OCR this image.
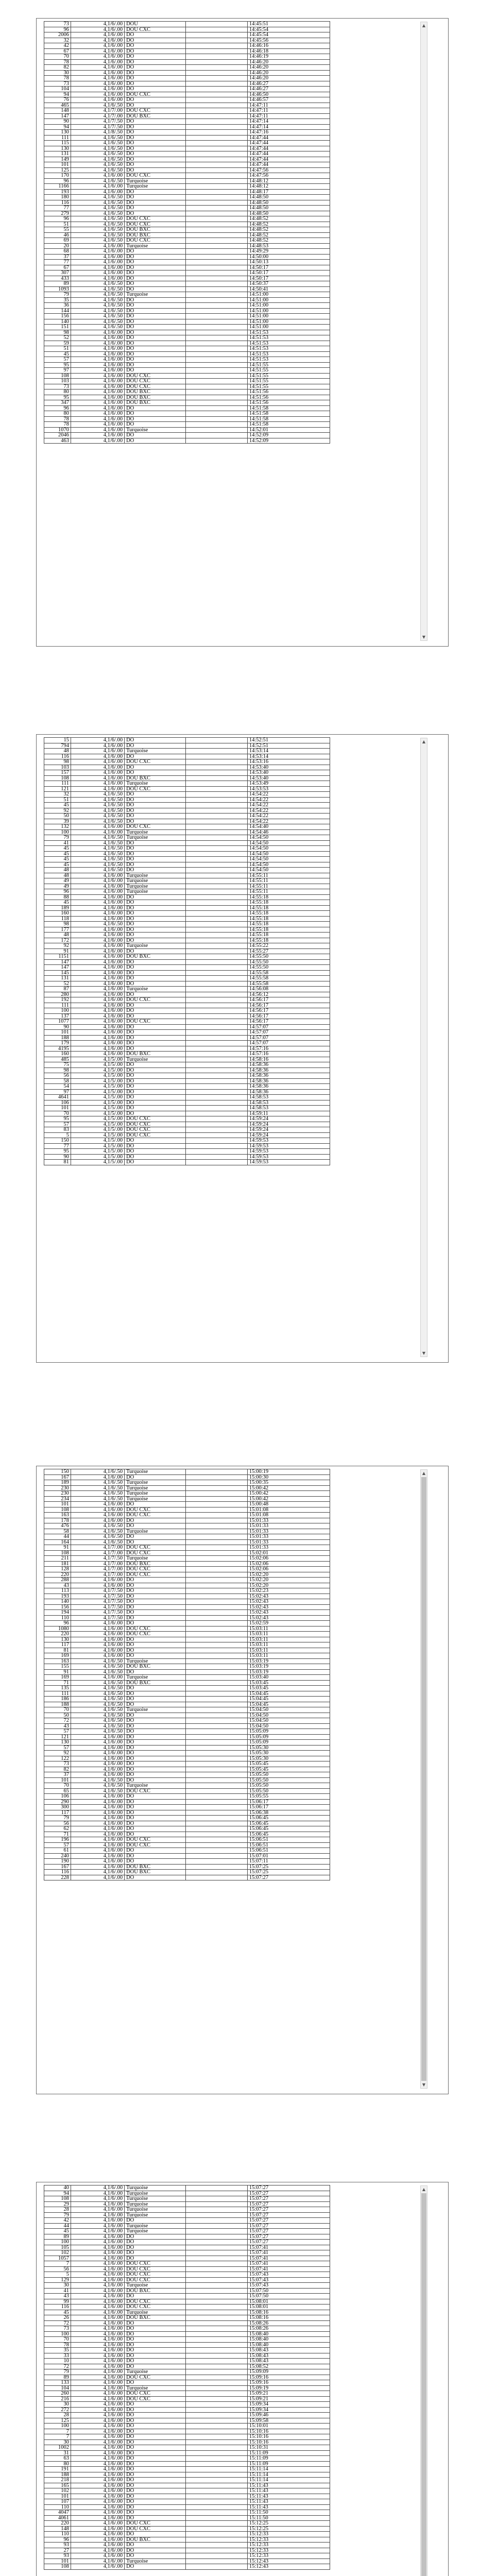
73	4,1/6/.00	DOU		14:45:51
96	4,1/6/.00	DOU CXC		14:45:54
2006	4,1/6/.00	DO		14:45:54
32	4,1/6/.00	DO		14:45:56
42	4,1/6/.00	DO		14:46:16
67	4,1/6/.00	DO		14:46:18
70	4,1/6/.00	DO		14:46:19
78	4,1/6/.00	DO		14:46:20
82	4,1/6/.00	DO		14:46:20
30	4,1/6/.00	DO		14:46:20
78	4,1/6/.00	DO		14:46:20
73	4,1/6/.00	DO		14:46:27
104	4,1/6/.00	DO		14:46:27
94	4,1/6/.00	DOU CXC		14:46:50
76	4,1/6/.00	DO		14:46:57
465	4,1/6/.50	DO		14:47:11
148	4,1/7/.00	DOU CXC		14:47:11
147	4,1/7/.00	DOU BXC		14:47:11
90	4,1/7/.50	DO		14:47:14
94	4,1/7/.50	DO		14:47:14
130	4,1/8/.50	DO		14:47:16
111	4,1/6/.50	DO		14:47:44
115	4,1/6/.50	DO		14:47:44
130	4,1/6/.50	DO		14:47:44
131	4,1/6/.50	DO		14:47:44
149	4,1/6/.50	DO		14:47:44
101	4,1/6/.50	DO		14:47:44
125	4,1/6/.50	DO		14:47:56
170	4,1/6/.00	DOU CXC		14:47:56
96	4,1/6/.50	Turquoise		14:48:12
1166	4,1/6/.00	Turquoise		14:48:12
193	4,1/6/.00	DO		14:48:17
180	4,1/6/.50	DO		14:48:50
116	4,1/6/.50	DO		14:48:50
77	4,1/6/.50	DO		14:48:50
279	4,1/6/.50	DO		14:48:50
96	4,1/6/.50	DOU CXC		14:48:52
51	4,1/6/.50	DOU CXC		14:48:52
55	4,1/6/.50	DOU BXC		14:48:52
46	4,1/6/.50	DOU BXC		14:48:52
69	4,1/6/.50	DOU CXC		14:48:52
20	4,1/6/.00	Turquoise		14:48:53
68	4,1/6/.00	DO		14:49:29
37	4,1/6/.00	DO		14:50:00
77	4,1/6/.00	DO		14:50:13
67	4,1/6/.00	DO		14:50:17
307	4,1/6/.00	DO		14:50:17
433	4,1/6/.00	DO		14:50:17
89	4,1/6/.50	DO		14:50:37
1093	4,1/6/.50	DO		14:50:41
79	4,1/6/.50	Turquoise		14:51:00
35	4,1/6/.50	DO		14:51:00
36	4,1/6/.50	DO		14:51:00
144	4,1/6/.50	DO		14:51:00
156	4,1/6/.50	DO		14:51:00
140	4,1/6/.50	DO		14:51:00
151	4,1/6/.50	DO		14:51:00
98	4,1/6/.00	DO		14:51:53
52	4,1/6/.00	DO		14:51:53
59	4,1/6/.00	DO		14:51:53
51	4,1/6/.00	DO		14:51:53
45	4,1/6/.00	DO		14:51:53
57	4,1/6/.00	DO		14:51:53
95	4,1/6/.00	DO		14:51:55
97	4,1/6/.00	DO		14:51:55
108	4,1/6/.00	DOU CXC		14:51:55
103	4,1/6/.00	DOU CXC		14:51:55
73	4,1/6/.00	DOU CXC		14:51:55
80	4,1/6/.00	DOU BXC		14:51:56
95	4,1/6/.00	DOU BXC		14:51:56
347	4,1/6/.00	DOU BXC		14:51:56
96	4,1/6/.00	DO		14:51:58
80	4,1/6/.00	DO		14:51:58
78	4,1/6/.00	DO		14:51:58
78	4,1/6/.00	DO		14:51:58
1070	4,1/6/.00	Turquoise		14:52:01
2046	4,1/6/.00	DO		14:52:09
463	4,1/6/.00	DO		14:52:09
▲
▼
15	4,1/6/.00	DO		14:52:51
794	4,1/6/.00	DO		14:52:51
48	4,1/6/.00	Turquoise		14:53:14
116	4,1/6/.00	DO		14:53:14
98	4,1/6/.00	DOU CXC		14:53:16
103	4,1/6/.00	DO		14:53:40
157	4,1/6/.00	DO		14:53:40
108	4,1/6/.00	DOU BXC		14:53:40
111	4,1/6/.00	Turquoise		14:53:49
121	4,1/6/.00	DOU CXC		14:53:53
32	4,1/6/.50	DO		14:54:22
51	4,1/6/.50	DO		14:54:22
45	4,1/6/.50	DO		14:54:22
92	4,1/6/.50	DO		14:54:22
50	4,1/6/.50	DO		14:54:22
39	4,1/6/.50	DO		14:54:22
132	4,1/6/.00	DOU CXC		14:54:40
100	4,1/6/.00	Turquoise		14:54:46
79	4,1/6/.50	Turquoise		14:54:50
41	4,1/6/.50	DO		14:54:50
45	4,1/6/.50	DO		14:54:50
45	4,1/6/.50	DO		14:54:50
45	4,1/6/.50	DO		14:54:50
45	4,1/6/.50	DO		14:54:50
48	4,1/6/.50	DO		14:54:50
48	4,1/6/.00	Turquoise		14:55:11
49	4,1/6/.00	Turquoise		14:55:11
49	4,1/6/.00	Turquoise		14:55:11
96	4,1/6/.00	Turquoise		14:55:11
88	4,1/6/.00	DO		14:55:18
45	4,1/6/.00	DO		14:55:18
189	4,1/6/.00	DO		14:55:18
160	4,1/6/.00	DO		14:55:18
118	4,1/6/.00	DO		14:55:18
98	4,1/6/.50	DO		14:55:18
177	4,1/6/.00	DO		14:55:18
48	4,1/6/.00	DO		14:55:18
172	4,1/6/.00	DO		14:55:18
92	4,1/6/.00	Turquoise		14:55:22
91	4,1/6/.00	DO		14:55:27
1151	4,1/6/.00	DOU BXC		14:55:50
147	4,1/6/.00	DO		14:55:50
147	4,1/6/.00	DO		14:55:50
145	4,1/6/.00	DO		14:55:58
131	4,1/6/.00	DO		14:55:58
52	4,1/6/.00	DO		14:55:58
87	4,1/6/.00	Turquoise		14:56:08
280	4,1/6/.00	DO		14:56:12
192	4,1/6/.00	DOU CXC		14:56:17
111	4,1/6/.00	DO		14:56:17
100	4,1/6/.00	DO		14:56:17
137	4,1/6/.00	DO		14:56:17
1077	4,1/6/.00	DOU CXC		14:56:17
90	4,1/6/.00	DO		14:57:07
101	4,1/6/.00	DO		14:57:07
188	4,1/6/.00	DO		14:57:07
179	4,1/6/.00	DO		14:57:07
4195	4,1/6/.00	DO		14:57:16
160	4,1/6/.00	DOU BXC		14:57:16
485	4,1/5/.00	Turquoise		14:58:16
75	4,1/5/.00	DO		14:58:36
98	4,1/5/.00	DO		14:58:36
56	4,1/5/.00	DO		14:58:36
58	4,1/5/.00	DO		14:58:36
54	4,1/5/.00	DO		14:58:36
97	4,1/5/.00	DO		14:58:36
4641	4,1/5/.00	DO		14:58:53
106	4,1/5/.00	DO		14:58:53
101	4,1/5/.00	DO		14:58:53
70	4,1/5/.00	DO		14:59:11
95	4,1/5/.00	DOU CXC		14:59:24
57	4,1/5/.00	DOU CXC		14:59:24
83	4,1/5/.00	DOU CXC		14:59:24
5	4,1/5/.00	DOU CXC		14:59:24
150	4,1/5/.00	DO		14:59:53
77	4,1/5/.00	DO		14:59:53
95	4,1/5/.00	DO		14:59:53
90	4,1/5/.00	DO		14:59:53
81	4,1/5/.00	DO		14:59:53
▲
▼
150	4,1/6/.50	Turquoise		15:00:19
167	4,1/6/.00	DO		15:00:30
189	4,1/6/.50	Turquoise		15:00:35
230	4,1/6/.50	Turquoise		15:00:42
230	4,1/6/.50	Turquoise		15:00:42
234	4,1/6/.50	Turquoise		15:00:42
101	4,1/6/.00	DO		15:00:48
108	4,1/6/.00	DOU CXC		15:01:08
163	4,1/6/.00	DOU CXC		15:01:08
178	4,1/6/.00	DO		15:01:33
476	4,1/6/.50	DO		15:01:33
58	4,1/6/.50	Turquoise		15:01:33
44	4,1/6/.50	DO		15:01:33
164	4,1/6/.50	DO		15:01:33
91	4,1/7/.00	DOU CXC		15:01:33
108	4,1/7/.00	DOU CXC		15:02:01
211	4,1/7/.50	Turquoise		15:02:06
181	4,1/7/.00	DOU BXC		15:02:06
128	4,1/7/.00	DOU CXC		15:02:06
220	4,1/7/.00	DOU CXC		15:02:20
288	4,1/6/.00	DO		15:02:20
43	4,1/6/.00	DO		15:02:20
113	4,1/7/.50	DO		15:02:23
193	4,1/7/.50	DO		15:02:43
140	4,1/7/.50	DO		15:02:43
156	4,1/7/.50	DO		15:02:43
194	4,1/7/.50	DO		15:02:43
110	4,1/7/.50	DO		15:02:43
96	4,1/6/.00	DO		15:02:59
1080	4,1/6/.00	DOU CXC		15:03:11
220	4,1/6/.00	DOU CXC		15:03:11
130	4,1/6/.00	DO		15:03:11
117	4,1/6/.00	DO		15:03:11
81	4,1/6/.00	DO		15:03:11
169	4,1/6/.00	DO		15:03:11
163	4,1/6/.50	Turquoise		15:03:19
155	4,1/6/.50	DOU BXC		15:03:19
91	4,1/6/.50	DO		15:03:19
169	4,1/6/.00	Turquoise		15:03:40
71	4,1/6/.50	DOU BXC		15:03:45
135	4,1/6/.50	DO		15:03:45
111	4,1/6/.50	DO		15:04:45
186	4,1/6/.50	DO		15:04:45
188	4,1/6/.50	DO		15:04:45
70	4,1/6/.50	Turquoise		15:04:50
50	4,1/6/.50	DO		15:04:50
72	4,1/6/.50	DO		15:04:50
43	4,1/6/.50	DO		15:04:50
57	4,1/6/.50	DO		15:05:09
121	4,1/6/.00	DO		15:05:09
130	4,1/6/.00	DO		15:05:09
57	4,1/6/.00	DO		15:05:30
92	4,1/6/.00	DO		15:05:30
122	4,1/6/.00	DO		15:05:30
73	4,1/6/.00	DO		15:05:45
82	4,1/6/.00	DO		15:05:45
37	4,1/6/.00	DO		15:05:50
101	4,1/6/.50	DO		15:05:50
70	4,1/6/.50	Turquoise		15:05:50
65	4,1/6/.50	DOU CXC		15:05:50
106	4,1/6/.00	DO		15:05:55
290	4,1/6/.00	DO		15:06:17
300	4,1/6/.00	DO		15:06:17
117	4,1/6/.00	DO		15:06:38
79	4,1/6/.00	DO		15:06:45
56	4,1/6/.00	DO		15:06:45
62	4,1/6/.00	DO		15:06:45
71	4,1/6/.00	DO		15:06:45
196	4,1/6/.00	DOU CXC		15:06:51
57	4,1/6/.00	DOU CXC		15:06:51
61	4,1/6/.00	DO		15:06:51
240	4,1/6/.00	DO		15:07:01
190	4,1/6/.00	DO		15:07:11
167	4,1/6/.00	DOU BXC		15:07:25
116	4,1/6/.00	DOU BXC		15:07:25
228	4,1/6/.00	DO		15:07:27
▲
▼
40	4,1/6/.00	Turquoise		15:07:27
94	4,1/6/.00	Turquoise		15:07:27
108	4,1/6/.00	Turquoise		15:07:27
29	4,1/6/.00	Turquoise		15:07:27
28	4,1/6/.00	Turquoise		15:07:27
79	4,1/6/.00	Turquoise		15:07:27
42	4,1/6/.00	DO		15:07:27
44	4,1/6/.00	Turquoise		15:07:27
45	4,1/6/.00	Turquoise		15:07:27
89	4,1/6/.00	DO		15:07:27
100	4,1/6/.00	DO		15:07:27
105	4,1/6/.00	DO		15:07:41
102	4,1/6/.00	DO		15:07:41
1057	4,1/6/.00	DO		15:07:41
7	4,1/6/.00	DOU CXC		15:07:41
56	4,1/6/.00	DOU CXC		15:07:41
5	4,1/6/.00	DOU CXC		15:07:43
129	4,1/6/.00	DOU CXC		15:07:43
30	4,1/6/.00	Turquoise		15:07:43
41	4,1/6/.00	DOU BXC		15:07:50
43	4,1/6/.00	DO		15:07:50
99	4,1/6/.00	DOU CXC		15:08:01
116	4,1/6/.00	DOU CXC		15:08:01
45	4,1/6/.00	Turquoise		15:08:16
26	4,1/6/.00	DOU BXC		15:08:16
72	4,1/6/.00	DO		15:08:26
73	4,1/6/.00	DO		15:08:26
100	4,1/6/.00	DO		15:08:40
70	4,1/6/.00	DO		15:08:40
78	4,1/6/.00	DO		15:08:40
35	4,1/6/.00	DO		15:08:43
33	4,1/6/.00	DO		15:08:43
10	4,1/6/.00	DO		15:08:43
72	4,1/6/.00	DO		15:08:52
79	4,1/6/.00	Turquoise		15:09:09
89	4,1/6/.00	DOU CXC		15:09:16
133	4,1/6/.00	DO		15:09:16
104	4,1/6/.00	Turquoise		15:09:19
260	4,1/6/.00	DOU CXC		15:09:21
216	4,1/6/.00	DOU CXC		15:09:21
30	4,1/6/.00	DO		15:09:34
272	4,1/6/.00	DO		15:09:34
28	4,1/6/.00	DO		15:09:46
125	4,1/6/.00	DO		15:09:58
100	4,1/6/.00	DO		15:10:01
7	4,1/6/.00	DO		15:10:16
7	4,1/6/.00	DO		15:10:16
30	4,1/6/.00	DO		15:10:16
1002	4,1/6/.00	DO		15:10:31
31	4,1/6/.00	DO		15:11:09
63	4,1/6/.00	DO		15:11:09
80	4,1/6/.00	DO		15:11:09
191	4,1/6/.00	DO		15:11:14
188	4,1/6/.00	DO		15:11:14
218	4,1/6/.00	DO		15:11:14
165	4,1/6/.00	DO		15:11:43
102	4,1/6/.00	DO		15:11:43
101	4,1/6/.00	DO		15:11:43
107	4,1/6/.00	DO		15:11:43
110	4,1/6/.00	DO		15:11:43
4047	4,1/6/.00	DO		15:11:50
4061	4,1/6/.00	DO		15:11:50
220	4,1/6/.00	DOU CXC		15:12:25
148	4,1/6/.00	DOU CXC		15:12:25
110	4,1/6/.00	DO		15:12:33
96	4,1/6/.00	DOU BXC		15:12:33
93	4,1/6/.00	DO		15:12:33
27	4,1/6/.00	DO		15:12:33
93	4,1/6/.00	DO		15:12:33
101	4,1/6/.00	Turquoise		15:12:43
108	4,1/6/.00	DO		15:12:43
▲
